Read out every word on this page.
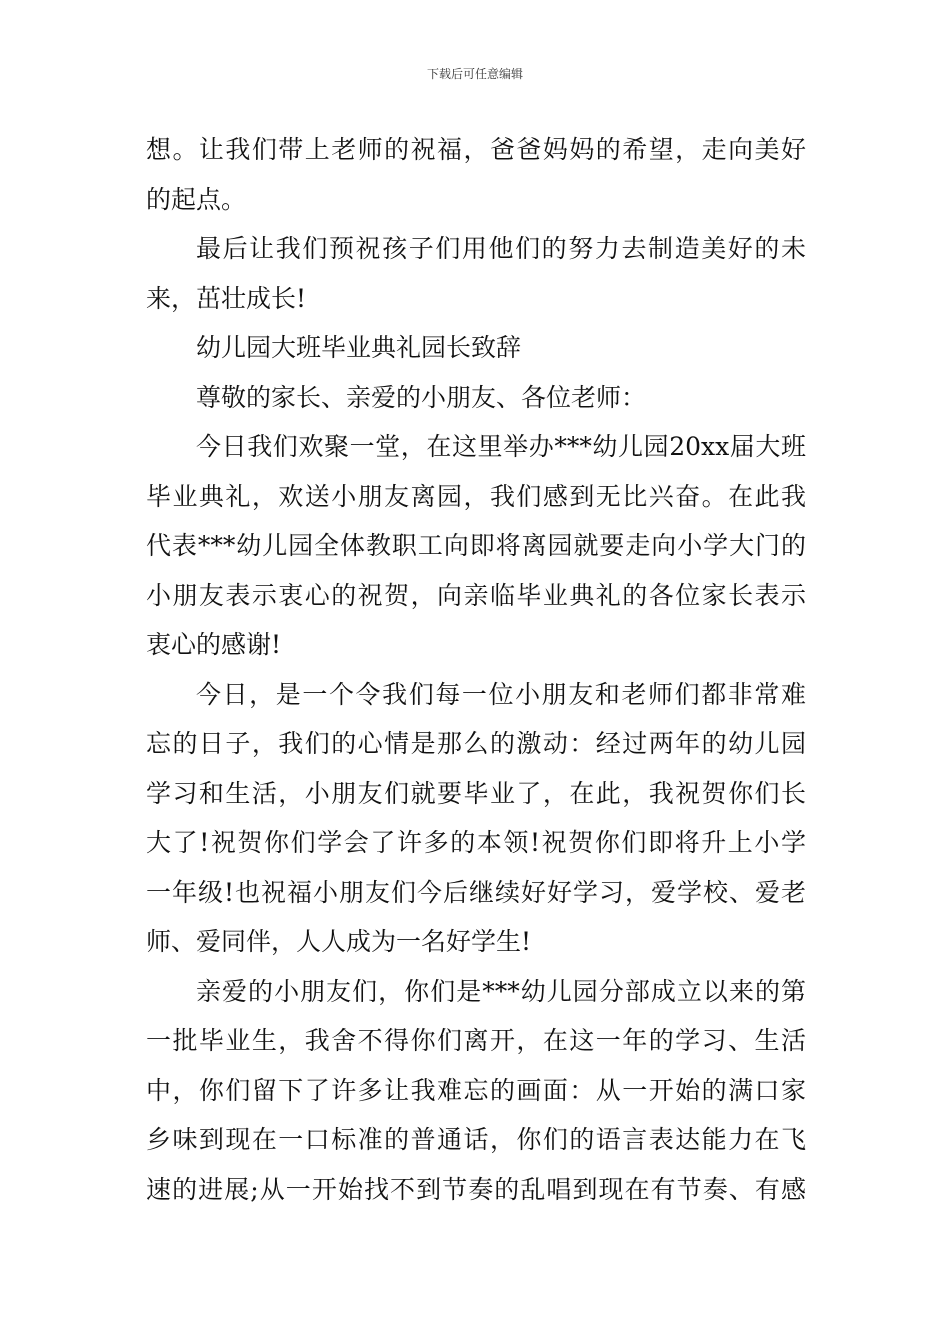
下载后可任意编辑
想。让我们带上老师的祝福，爸爸妈妈的希望，走向美好
的起点。
最后让我们预祝孩子们用他们的努力去制造美好的未
来，茁壮成长!
幼儿园大班毕业典礼园长致辞
尊敬的家长、亲爱的小朋友、各位老师：
今日我们欢聚一堂，在这里举办***幼儿园20xx届大班
毕业典礼，欢送小朋友离园，我们感到无比兴奋。在此我
代表***幼儿园全体教职工向即将离园就要走向小学大门的
小朋友表示衷心的祝贺，向亲临毕业典礼的各位家长表示
衷心的感谢!
今日，是一个令我们每一位小朋友和老师们都非常难
忘的日子，我们的心情是那么的激动：经过两年的幼儿园
学习和生活，小朋友们就要毕业了，在此，我祝贺你们长
大了!祝贺你们学会了许多的本领!祝贺你们即将升上小学
一年级!也祝福小朋友们今后继续好好学习，爱学校、爱老
师、爱同伴，人人成为一名好学生!
亲爱的小朋友们，你们是***幼儿园分部成立以来的第
一批毕业生，我舍不得你们离开，在这一年的学习、生活
中，你们留下了许多让我难忘的画面：从一开始的满口家
乡味到现在一口标准的普通话，你们的语言表达能力在飞
速的进展;从一开始找不到节奏的乱唱到现在有节奏、有感
